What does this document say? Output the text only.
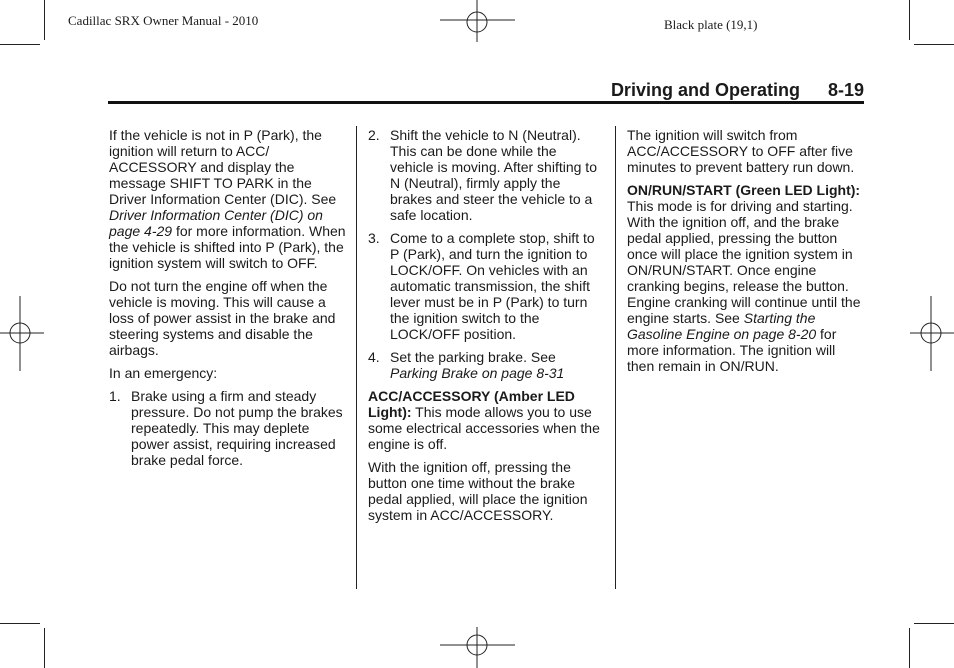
Cadillac SRX Owner Manual - 2010	Black plate (19,1)
Driving and Operating 8-19

If the vehicle is not in P (Park), the ignition will return to ACC/ ACCESSORY and display the message SHIFT TO PARK in the Driver Information Center (DIC). See Driver Information Center (DIC) on page 4-29 for more information. When the vehicle is shifted into P (Park), the ignition system will switch to OFF.

Do not turn the engine off when the vehicle is moving. This will cause a loss of power assist in the brake and steering systems and disable the airbags.

In an emergency:

1. Brake using a firm and steady pressure. Do not pump the brakes repeatedly. This may deplete power assist, requiring increased brake pedal force.
2. Shift the vehicle to N (Neutral). This can be done while the vehicle is moving. After shifting to N (Neutral), firmly apply the brakes and steer the vehicle to a safe location.
3. Come to a complete stop, shift to P (Park), and turn the ignition to LOCK/OFF. On vehicles with an automatic transmission, the shift lever must be in P (Park) to turn the ignition switch to the LOCK/OFF position.
4. Set the parking brake. See Parking Brake on page 8-31

ACC/ACCESSORY (Amber LED Light): This mode allows you to use some electrical accessories when the engine is off.

With the ignition off, pressing the button one time without the brake pedal applied, will place the ignition system in ACC/ACCESSORY.

The ignition will switch from ACC/ACCESSORY to OFF after five minutes to prevent battery run down.

ON/RUN/START (Green LED Light): This mode is for driving and starting. With the ignition off, and the brake pedal applied, pressing the button once will place the ignition system in ON/RUN/START. Once engine cranking begins, release the button. Engine cranking will continue until the engine starts. See Starting the Gasoline Engine on page 8-20 for more information. The ignition will then remain in ON/RUN.
